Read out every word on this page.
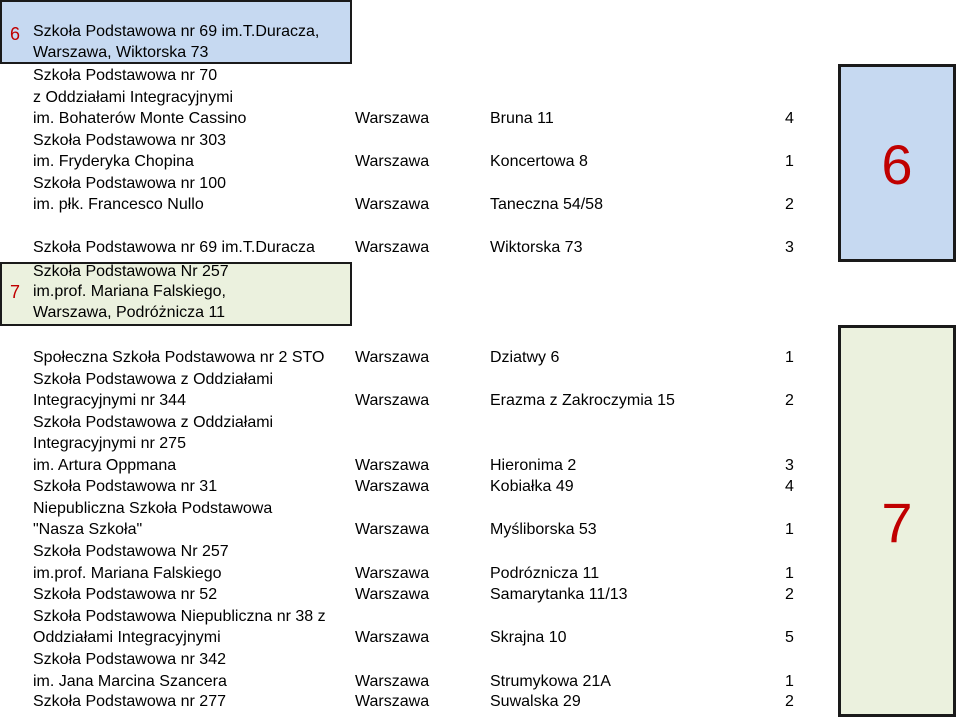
6 Szkoła Podstawowa nr 69 im.T.Duracza,
Warszawa, Wiktorska 73
6
Szkoła Podstawowa nr 70
z Oddziałami Integracyjnymi
im. Bohaterów Monte Cassino	Warszawa	Bruna 11	4
Szkoła Podstawowa nr 303
im. Fryderyka Chopina	Warszawa	Koncertowa 8	1
Szkoła Podstawowa nr 100
im. płk. Francesco Nullo	Warszawa	Taneczna 54/58	2
Szkoła Podstawowa nr 69 im.T.Duracza	Warszawa	Wiktorska 73	3
7
Szkoła Podstawowa Nr 257
im.prof. Mariana Falskiego,
Warszawa, Podróżnicza 11
7
Społeczna Szkoła Podstawowa nr 2 STO Warszawa	Dziatwy 6	1
Szkoła Podstawowa z Oddziałami
Integracyjnymi nr 344	Warszawa	Erazma z Zakroczymia 15	2
Szkoła Podstawowa z Oddziałami
Integracyjnymi nr 275
im. Artura Oppmana	Warszawa	Hieronima 2	3
Szkoła Podstawowa nr 31	Warszawa	Kobiałka 49	4
Niepubliczna Szkoła Podstawowa
"Nasza Szkoła"	Warszawa	Myśliborska 53	1
Szkoła Podstawowa Nr 257
im.prof. Mariana Falskiego	Warszawa	Podróznicza 11	1
Szkoła Podstawowa nr 52	Warszawa	Samarytanka 11/13	2
Szkoła Podstawowa Niepubliczna nr 38 z
Oddziałami Integracyjnymi	Warszawa	Skrajna 10	5
Szkoła Podstawowa nr 342
im. Jana Marcina Szancera	Warszawa	Strumykowa 21A	1
Szkoła Podstawowa nr 277	Warszawa	Suwalska 29	2
